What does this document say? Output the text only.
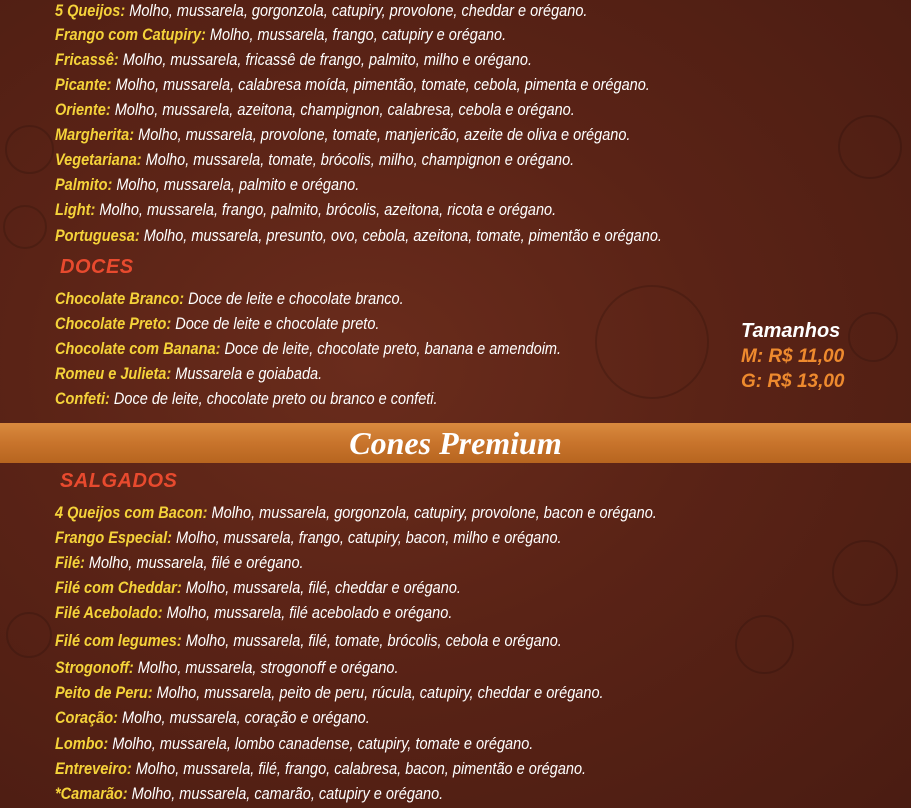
5 Queijos: Molho, mussarela, gorgonzola, catupiry, provolone, cheddar e orégano.
Frango com Catupiry: Molho, mussarela, frango, catupiry e orégano.
Fricassê: Molho, mussarela, fricassê de frango, palmito, milho e orégano.
Picante: Molho, mussarela, calabresa moída, pimentão, tomate, cebola, pimenta e orégano.
Oriente: Molho, mussarela, azeitona, champignon, calabresa, cebola e orégano.
Margherita: Molho, mussarela, provolone, tomate, manjericão, azeite de oliva e orégano.
Vegetariana: Molho, mussarela, tomate, brócolis, milho, champignon e orégano.
Palmito: Molho, mussarela, palmito e orégano.
Light: Molho, mussarela, frango, palmito, brócolis, azeitona, ricota e orégano.
Portuguesa: Molho, mussarela, presunto, ovo, cebola, azeitona, tomate, pimentão e orégano.
DOCES
Chocolate Branco: Doce de leite e chocolate branco.
Chocolate Preto: Doce de leite e chocolate preto.
Chocolate com Banana: Doce de leite, chocolate preto, banana e amendoim.
Romeu e Julieta: Mussarela e goiabada.
Confeti: Doce de leite, chocolate preto ou branco e confeti.
Tamanhos
M: R$ 11,00
G: R$ 13,00
Cones Premium
SALGADOS
4 Queijos com Bacon: Molho, mussarela, gorgonzola, catupiry, provolone, bacon e orégano.
Frango Especial: Molho, mussarela, frango, catupiry, bacon, milho e orégano.
Filé: Molho, mussarela, filé e orégano.
Filé com Cheddar: Molho, mussarela, filé, cheddar e orégano.
Filé Acebolado: Molho, mussarela, filé acebolado e orégano.
Filé com legumes: Molho, mussarela, filé, tomate, brócolis, cebola e orégano.
Strogonoff: Molho, mussarela, strogonoff e orégano.
Peito de Peru: Molho, mussarela, peito de peru, rúcula, catupiry, cheddar e orégano.
Coração: Molho, mussarela, coração e orégano.
Lombo: Molho, mussarela, lombo canadense, catupiry, tomate e orégano.
Entreveiro: Molho, mussarela, filé, frango, calabresa, bacon, pimentão e orégano.
*Camarão: Molho, mussarela, camarão, catupiry e orégano.
